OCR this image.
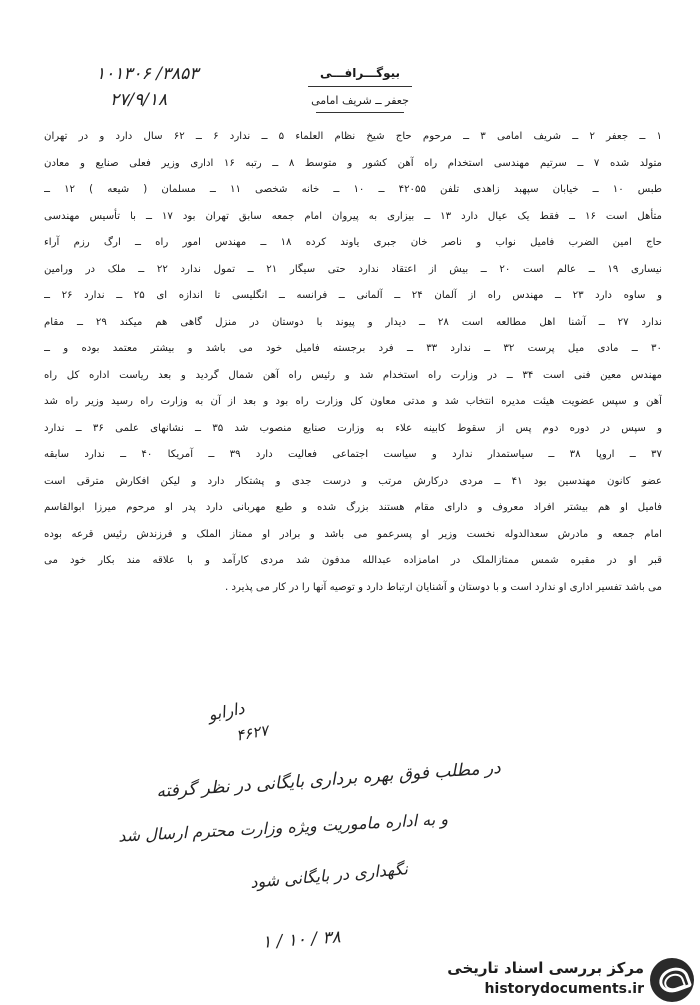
۱۰۱۳۰۶ /۳۸۵۳
۲۷/۹/۱۸
بیوگـــرافـــی
جعفر ــ شریف امامی
۱ ــ جعفر ۲ ــ شریف امامی ۳ ــ مرحوم حاج شیخ نظام العلماء ۵ ــ ندارد ۶ ــ ۶۲ سال دارد و در تهران
متولد شده ۷ ــ سرتیم مهندسی استخدام راه آهن کشور و متوسط ۸ ــ رتبه ۱۶ اداری وزیر فعلی صنایع و معادن
طبس ۱۰ ــ خیابان سپهبد زاهدی تلفن ۴۲۰۵۵ ــ ۱۰ ــ خانه شخصی ۱۱ ــ مسلمان ( شیعه ) ۱۲ ــ
متأهل است ۱۶ ــ فقط یک عیال دارد ۱۳ ــ بیزاری به پیروان امام جمعه سابق تهران بود ۱۷ ــ با تأسیس مهندسی
حاج امین الضرب فامیل نواب و ناصر خان جبری یاوند کرده ۱۸ ــ مهندس امور راه ــ ارگ رزم آراء
نیساری ۱۹ ــ عالم است ۲۰ ــ بیش از اعتقاد ندارد حتی سیگار ۲۱ ــ تمول ندارد ۲۲ ــ ملک در ورامین
و ساوه دارد ۲۳ ــ مهندس راه از آلمان ۲۴ ــ آلمانی ــ فرانسه ــ انگلیسی تا اندازه ای ۲۵ ــ ندارد ۲۶ ــ
ندارد ۲۷ ــ آشنا اهل مطالعه است ۲۸ ــ دیدار و پیوند با دوستان در منزل گاهی هم میکند ۲۹ ــ مقام
۳۰ ــ مادی میل پرست ۳۲ ــ ندارد ۳۳ ــ فرد برجسته فامیل خود می باشد و بیشتر معتمد بوده و ــ
مهندس معین فنی است ۳۴ ــ در وزارت راه استخدام شد و رئیس راه آهن شمال گردید و بعد ریاست اداره کل راه
آهن و سپس عضویت هیئت مدیره انتخاب شد و مدتی معاون کل وزارت راه بود و بعد از آن به وزارت راه رسید وزیر راه شد
و سپس در دوره دوم پس از سقوط کابینه علاء به وزارت صنایع منصوب شد ۳۵ ــ نشانهای علمی ۳۶ ــ ندارد
۳۷ ــ اروپا ۳۸ ــ سیاستمدار ندارد و سیاست اجتماعی فعالیت دارد ۳۹ ــ آمریکا ۴۰ ــ ندارد سابقه
عضو کانون مهندسین بود ۴۱ ــ مردی درکارش مرتب و درست جدی و پشتکار دارد و لیکن افکارش مترقی است
فامیل او هم بیشتر افراد معروف و دارای مقام هستند بزرگ شده و طبع مهربانی دارد پدر او مرحوم میرزا ابوالقاسم
امام جمعه و مادرش سعدالدوله نخست وزیر او پسرعمو می باشد و برادر او ممتاز الملک و فرزندش رئیس قرعه بوده
قبر او در مقبره شمس ممتازالملک در امامزاده عبدالله مدفون شد مردی کارآمد و با علاقه مند بکار خود می
می باشد تفسیر اداری او ندارد است و با دوستان و آشنایان ارتباط دارد و توصیه آنها را در کار می پذیرد .
دارابو
۴۶۲۷
در مطلب فوق بهره برداری بایگانی در نظر گرفته
و به اداره ماموریت ویژه وزارت محترم ارسال شد
نگهداری در بایگانی شود
۱ / ۱۰ / ۳۸
مرکز بررسی اسناد تاریخی
historydocuments.ir
